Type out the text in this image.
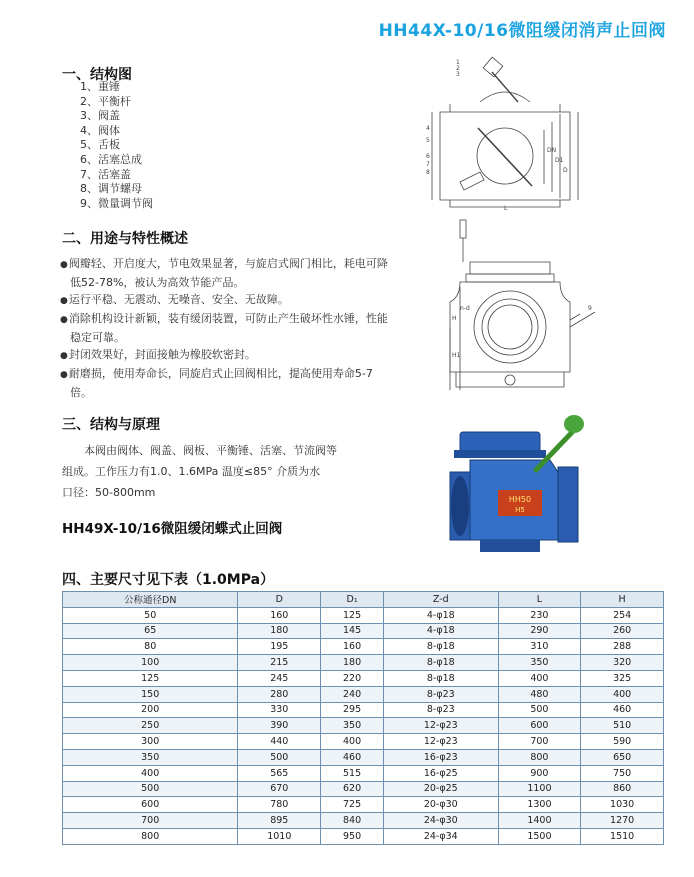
HH44X-10/16微阻缓闭消声止回阀
一、结构图
1、重锤
2、平衡杆
3、阀盖
4、阀体
5、舌板
6、活塞总成
7、活塞盖
8、调节螺母
9、微量调节阀
二、用途与特性概述
● 阀瓣轻、开启度大，节电效果显著，与旋启式阀门相比，耗电可降低52-78%，被认为高效节能产品。
● 运行平稳、无震动、无噪音、安全、无故障。
● 消除机构设计新颖，装有缓闭装置，可防止产生破坏性水锤，性能稳定可靠。
● 封闭效果好，封面接触为橡胶软密封。
● 耐磨损，使用寿命长，同旋启式止回阀相比，提高使用寿命5-7倍。
三、结构与原理
本阀由阀体、阀盖、阀板、平衡锤、活塞、节流阀等
组成。工作压力有1.0、1.6MPa 温度≤85° 介质为水
口径：50-800mm
HH49X-10/16微阻缓闭蝶式止回阀
1
2
3
4
5
6
7
8
9
DN
D1
D
L
H
H1
n-d
HH50
H5
四、主要尺寸见下表（1.0MPa）
公称通径DN	D	D₁	Z-d	L	H
50	160	125	4-φ18	230	254
65	180	145	4-φ18	290	260
80	195	160	8-φ18	310	288
100	215	180	8-φ18	350	320
125	245	220	8-φ18	400	325
150	280	240	8-φ23	480	400
200	330	295	8-φ23	500	460
250	390	350	12-φ23	600	510
300	440	400	12-φ23	700	590
350	500	460	16-φ23	800	650
400	565	515	16-φ25	900	750
500	670	620	20-φ25	1100	860
600	780	725	20-φ30	1300	1030
700	895	840	24-φ30	1400	1270
800	1010	950	24-φ34	1500	1510
